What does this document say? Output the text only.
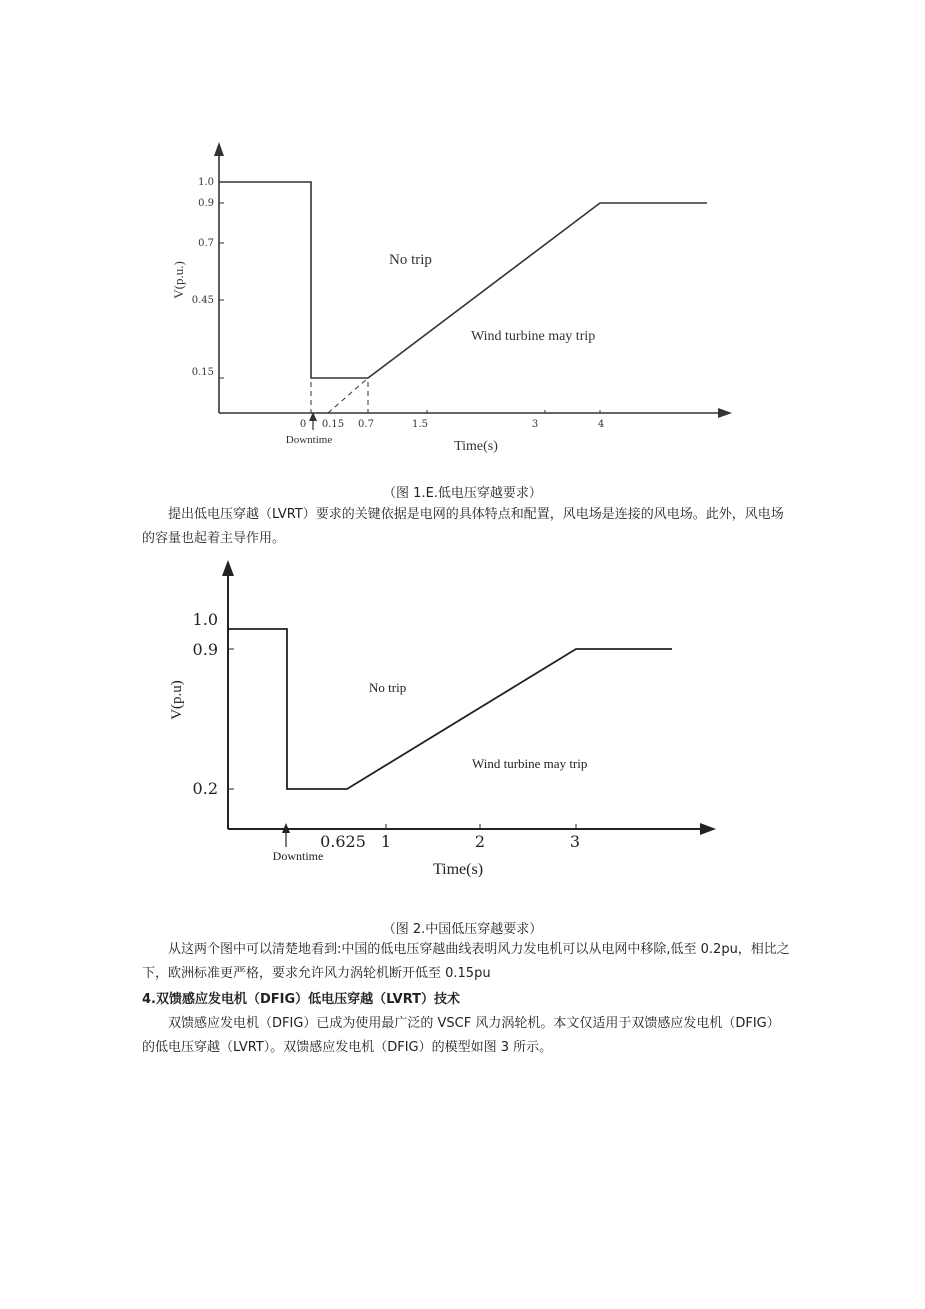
1.0
0.9
0.7
0.45
0.15
0 0.15 0.7	1.5	3	4
Downtime
No trip
Wind turbine may trip
Time(s)
V(p.u.)
（图 1.E.低电压穿越要求）

提出低电压穿越（LVRT）要求的关键依据是电网的具体特点和配置，风电场是连接的风电场。此外，风电场的容量也起着主导作用。

1.0
0.9
0.2
0.625 1	2	3
Downtime
No trip
Wind turbine may trip
Time(s)
V(p.u)
（图 2.中国低压穿越要求）

从这两个图中可以清楚地看到:中国的低电压穿越曲线表明风力发电机可以从电网中移除,低至 0.2pu，相比之下，欧洲标准更严格，要求允许风力涡轮机断开低至 0.15pu

4.双馈感应发电机（DFIG）低电压穿越（LVRT）技术

双馈感应发电机（DFIG）已成为使用最广泛的 VSCF 风力涡轮机。本文仅适用于双馈感应发电机（DFIG）的低电压穿越（LVRT）。双馈感应发电机（DFIG）的模型如图 3 所示。
